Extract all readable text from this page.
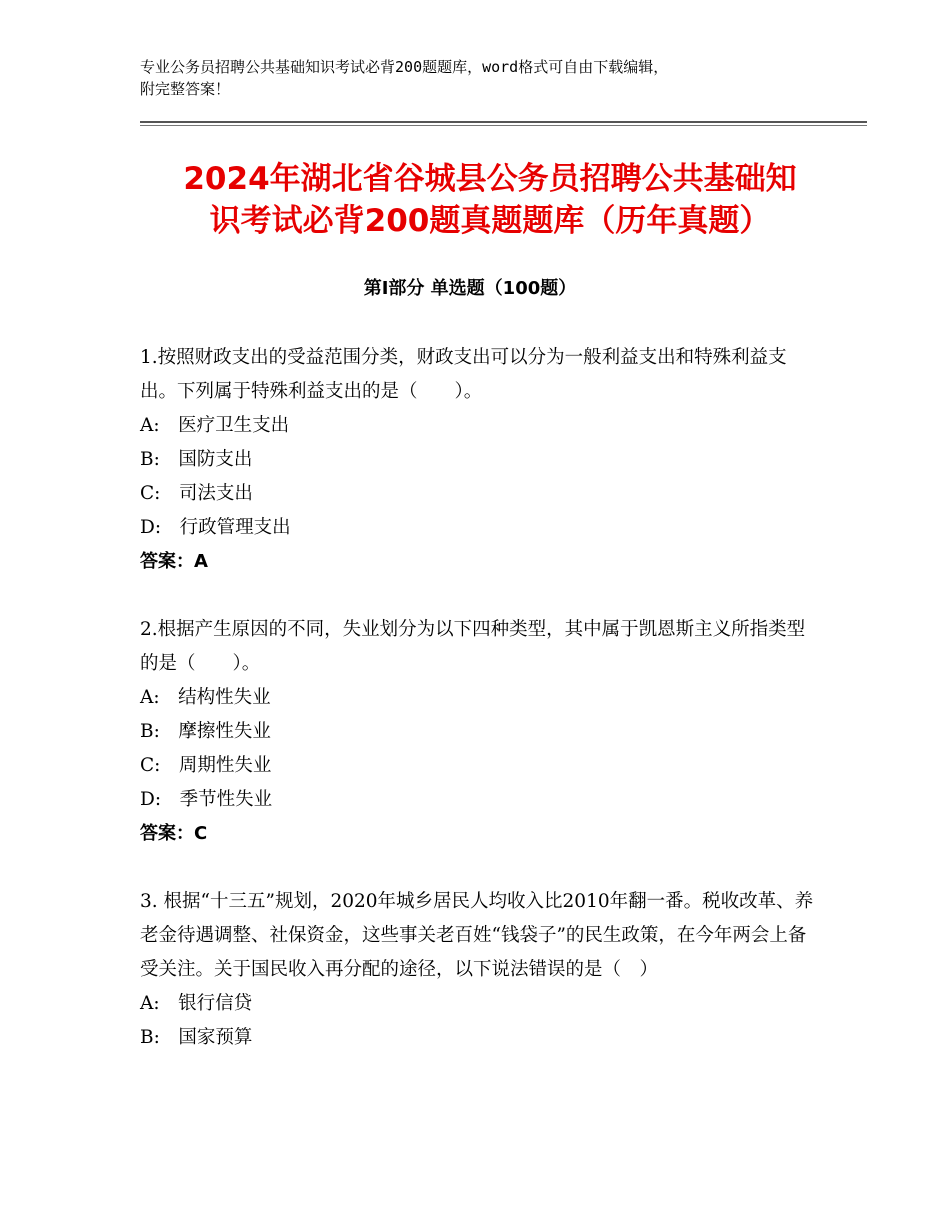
专业公务员招聘公共基础知识考试必背200题题库，word格式可自由下载编辑，
附完整答案！
2024年湖北省谷城县公务员招聘公共基础知
识考试必背200题真题题库（历年真题）
第Ⅰ部分 单选题（100题）

1.按照财政支出的受益范围分类，财政支出可以分为一般利益支出和特殊利益支出。下列属于特殊利益支出的是（　　）。

A:　医疗卫生支出

B:　国防支出

C:　司法支出

D:　行政管理支出

答案：A

2.根据产生原因的不同，失业划分为以下四种类型，其中属于凯恩斯主义所指类型的是（　　）。

A:　结构性失业

B:　摩擦性失业

C:　周期性失业

D:　季节性失业

答案：C

3. 根据“十三五”规划，2020年城乡居民人均收入比2010年翻一番。税收改革、养老金待遇调整、社保资金，这些事关老百姓“钱袋子”的民生政策，在今年两会上备受关注。关于国民收入再分配的途径，以下说法错误的是（　）

A:　银行信贷

B:　国家预算
